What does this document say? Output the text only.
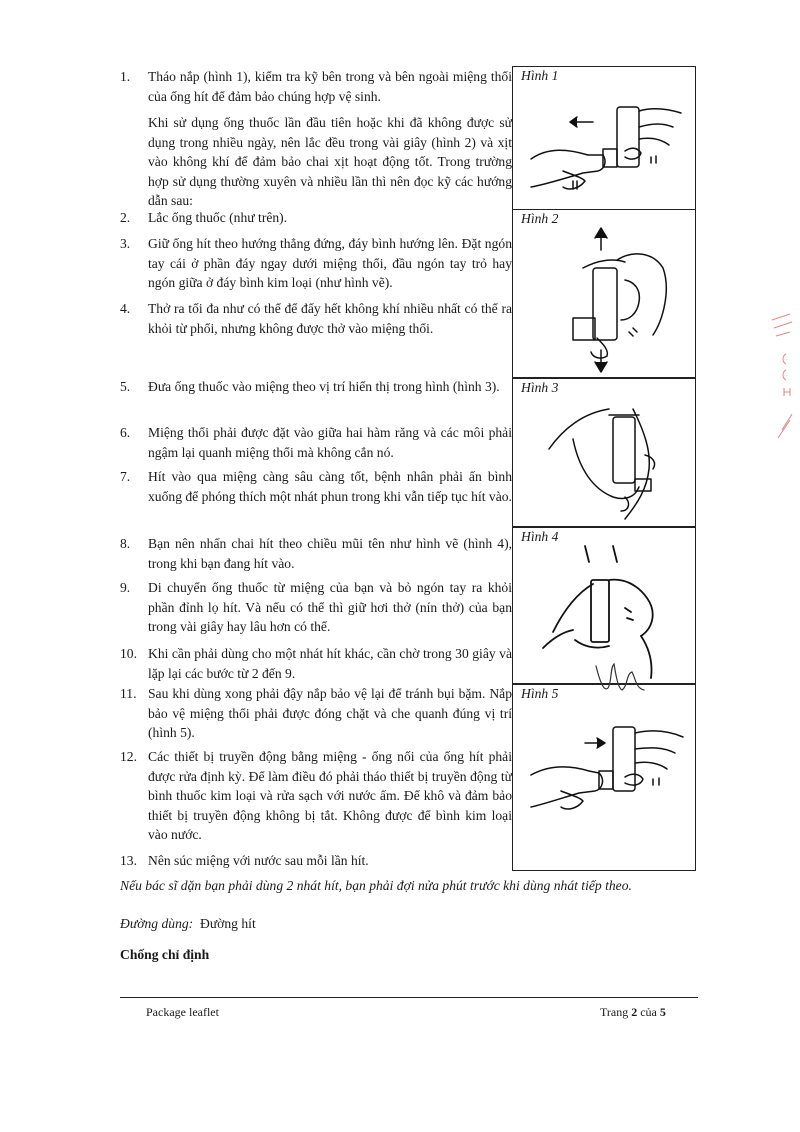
1.	Tháo nắp (hình 1), kiểm tra kỹ bên trong và bên ngoài miệng thổi của ống hít để đảm bảo chúng hợp vệ sinh.
Khi sử dụng ống thuốc lần đầu tiên hoặc khi đã không được sử dụng trong nhiều ngày, nên lắc đều trong vài giây (hình 2) và xịt vào không khí để đảm bảo chai xịt hoạt động tốt. Trong trường hợp sử dụng thường xuyên và nhiều lần thì nên đọc kỹ các hướng dẫn sau:
2.	Lắc ống thuốc (như trên).
3.	Giữ ống hít theo hướng thẳng đứng, đáy bình hướng lên. Đặt ngón tay cái ở phần đáy ngay dưới miệng thổi, đầu ngón tay trỏ hay ngón giữa ở đáy bình kim loại (như hình vẽ).
4.	Thở ra tối đa như có thể để đẩy hết không khí nhiều nhất có thể ra khỏi từ phổi, nhưng không được thở vào miệng thổi.
5.	Đưa ống thuốc vào miệng theo vị trí hiển thị trong hình (hình 3).
6.	Miệng thổi phải được đặt vào giữa hai hàm răng và các môi phải ngậm lại quanh miệng thổi mà không cắn nó.
7.	Hít vào qua miệng càng sâu càng tốt, bệnh nhân phải ấn bình xuống để phóng thích một nhát phun trong khi vẫn tiếp tục hít vào.
8.	Bạn nên nhấn chai hít theo chiều mũi tên như hình vẽ (hình 4), trong khi bạn đang hít vào.
9.	Di chuyển ống thuốc từ miệng của bạn và bỏ ngón tay ra khỏi phần đỉnh lọ hít. Và nếu có thể thì giữ hơi thở (nín thở) của bạn trong vài giây hay lâu hơn có thể.
10. Khi cần phải dùng cho một nhát hít khác, cần chờ trong 30 giây và lặp lại các bước từ 2 đến 9.
11. Sau khi dùng xong phải đậy nắp bảo vệ lại để tránh bụi bặm. Nắp bảo vệ miệng thổi phải được đóng chặt và che quanh đúng vị trí (hình 5).
12. Các thiết bị truyền động bằng miệng - ống nối của ống hít phải được rửa định kỳ. Để làm điều đó phải tháo thiết bị truyền động từ bình thuốc kim loại và rửa sạch với nước ấm. Để khô và đảm bảo thiết bị truyền động không bị tắt. Không được để bình kim loại vào nước.
13. Nên súc miệng với nước sau mỗi lần hít.
Hình 1
Hình 2
Hình 3
Hình 4
Hình 5
Nếu bác sĩ dặn bạn phải dùng 2 nhát hít, bạn phải đợi nửa phút trước khi dùng nhát tiếp theo.
Đường dùng: Đường hít
Chống chỉ định
Package leaflet	Trang 2 của 5
